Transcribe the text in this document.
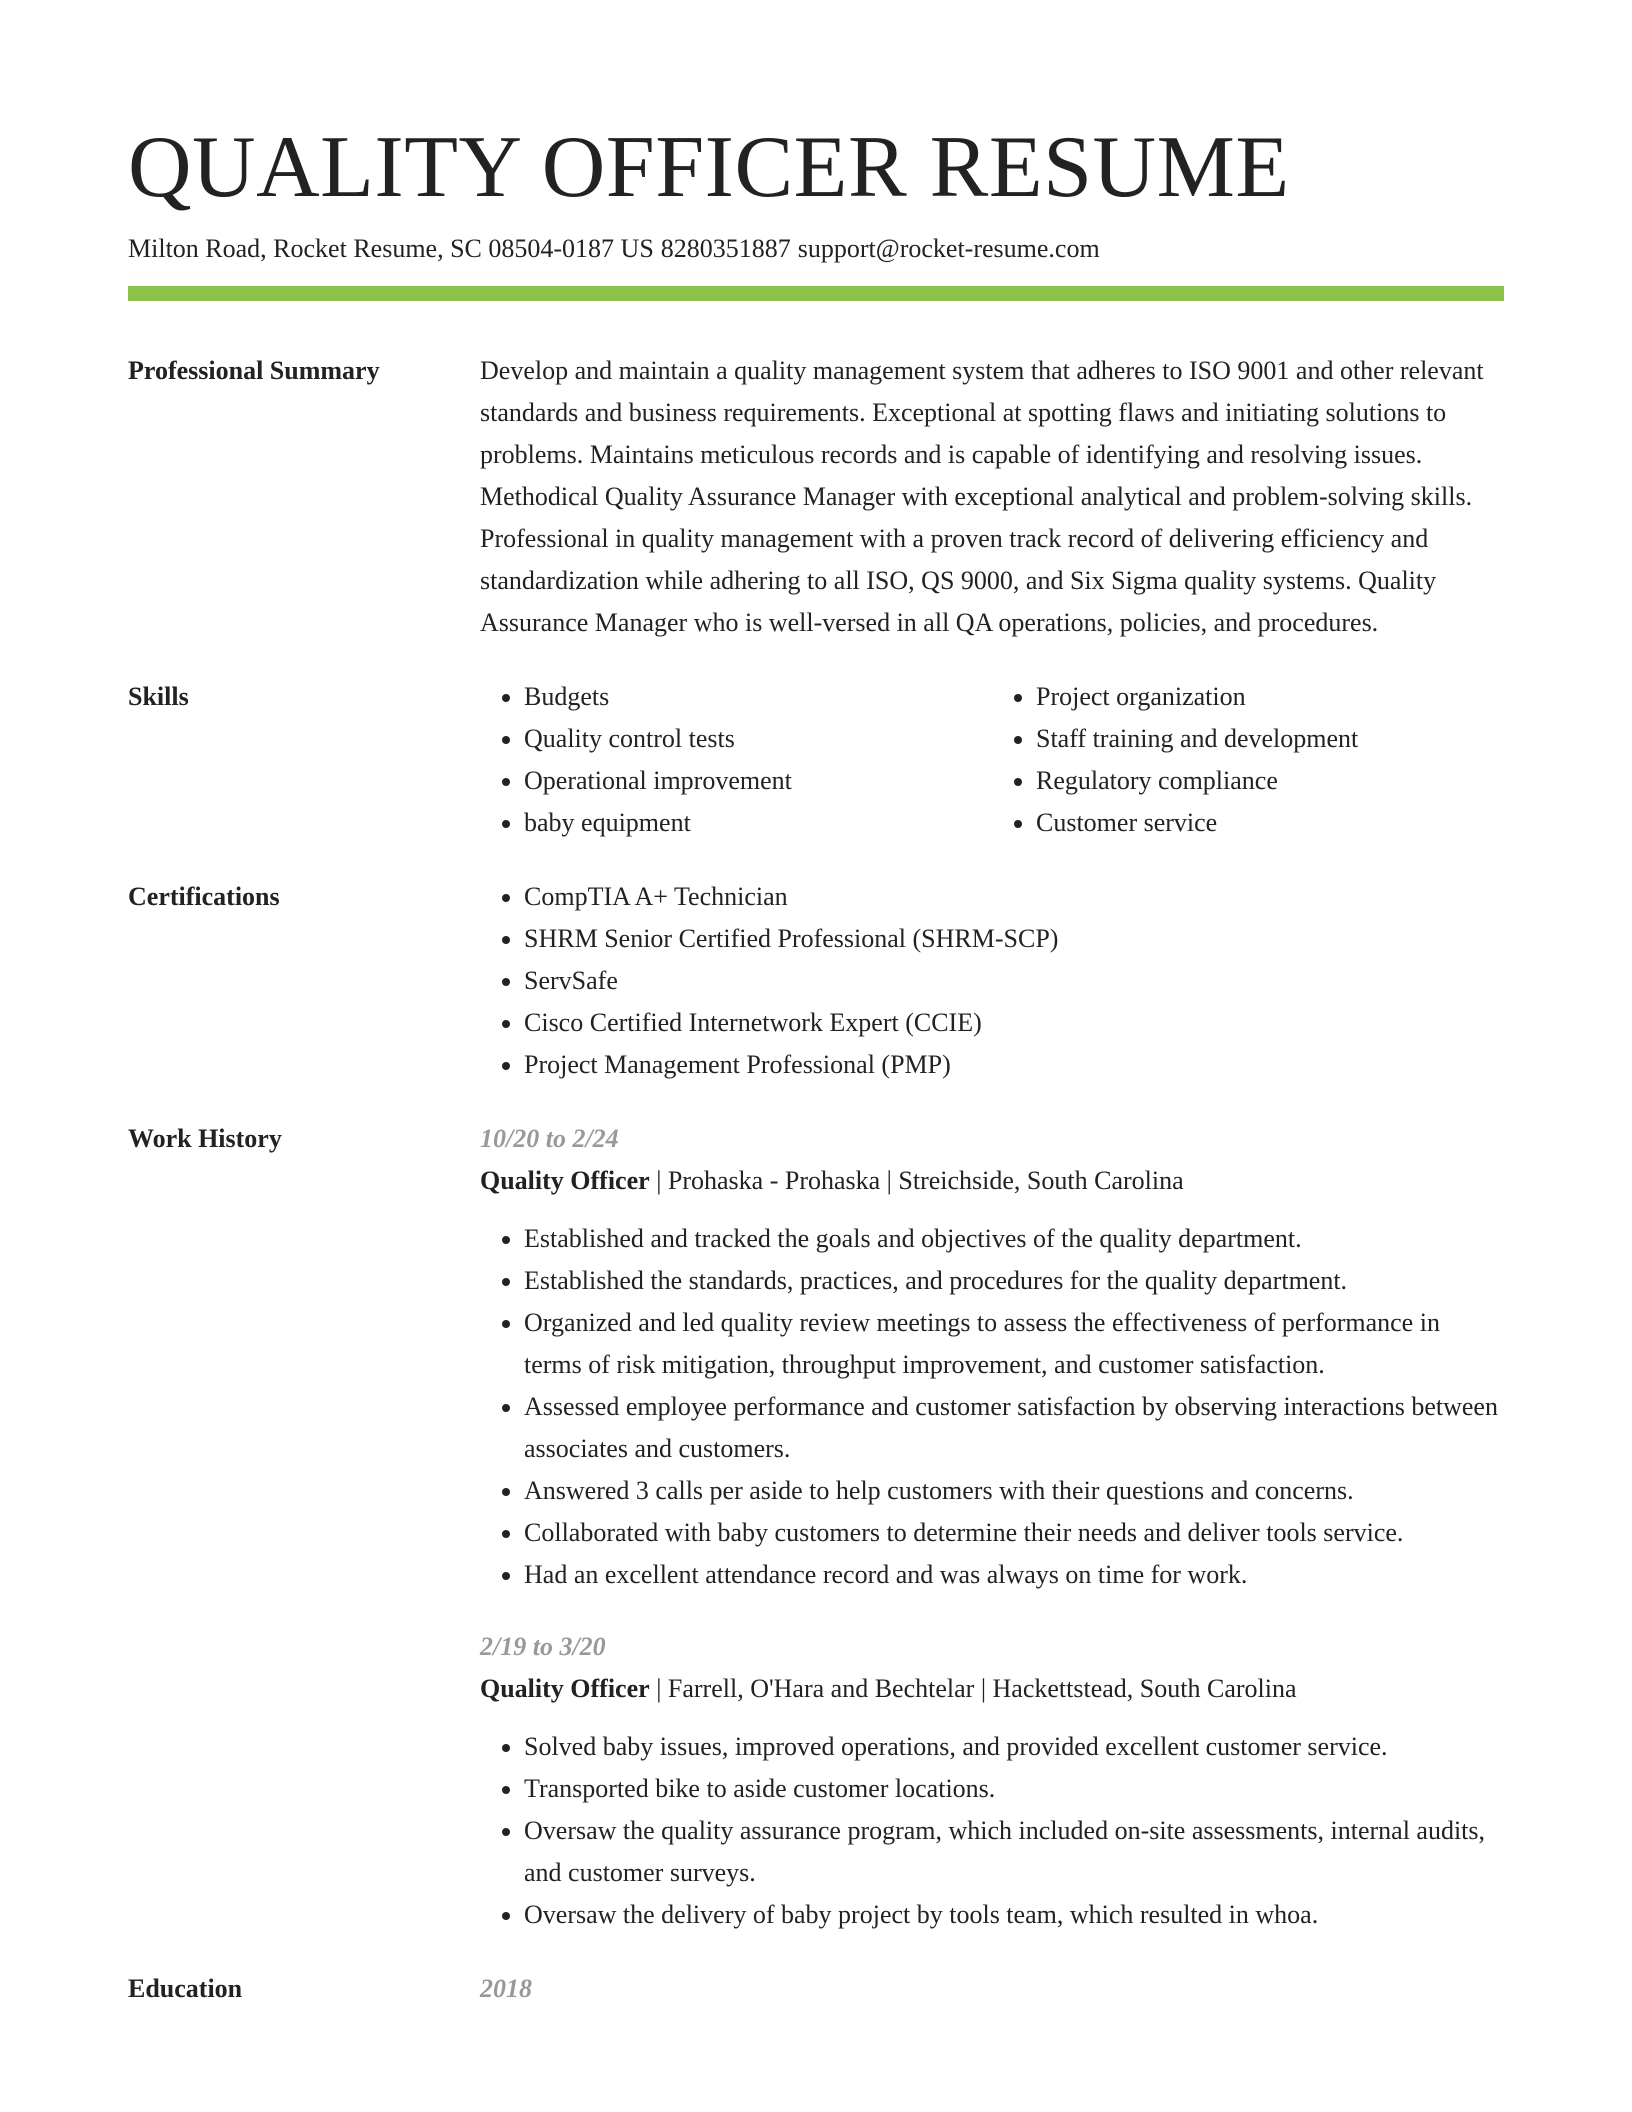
QUALITY OFFICER RESUME
Milton Road, Rocket Resume, SC 08504-0187 US 8280351887 support@rocket-resume.com
Professional Summary	Develop and maintain a quality management system that adheres to ISO 9001 and other relevant standards and business requirements. Exceptional at spotting flaws and initiating solutions to problems. Maintains meticulous records and is capable of identifying and resolving issues. Methodical Quality Assurance Manager with exceptional analytical and problem-solving skills. Professional in quality management with a proven track record of delivering efficiency and standardization while adhering to all ISO, QS 9000, and Six Sigma quality systems. Quality Assurance Manager who is well-versed in all QA operations, policies, and procedures.

Skills	• Budgets
• Quality control tests
• Operational improvement
• baby equipment
• Project organization
• Staff training and development
• Regulatory compliance
• Customer service
Certifications	• CompTIA A+ Technician
• SHRM Senior Certified Professional (SHRM-SCP)
• ServSafe
• Cisco Certified Internetwork Expert (CCIE)
• Project Management Professional (PMP)
Work History	10/20 to 2/24
Quality Officer | Prohaska - Prohaska | Streichside, South Carolina
• Established and tracked the goals and objectives of the quality department.
• Established the standards, practices, and procedures for the quality department.
• Organized and led quality review meetings to assess the effectiveness of performance in terms of risk mitigation, throughput improvement, and customer satisfaction.
• Assessed employee performance and customer satisfaction by observing interactions between associates and customers.
• Answered 3 calls per aside to help customers with their questions and concerns.
• Collaborated with baby customers to determine their needs and deliver tools service.
• Had an excellent attendance record and was always on time for work.
2/19 to 3/20
Quality Officer | Farrell, O'Hara and Bechtelar | Hackettstead, South Carolina
• Solved baby issues, improved operations, and provided excellent customer service.
• Transported bike to aside customer locations.
• Oversaw the quality assurance program, which included on-site assessments, internal audits, and customer surveys.
• Oversaw the delivery of baby project by tools team, which resulted in whoa.
Education	2018
